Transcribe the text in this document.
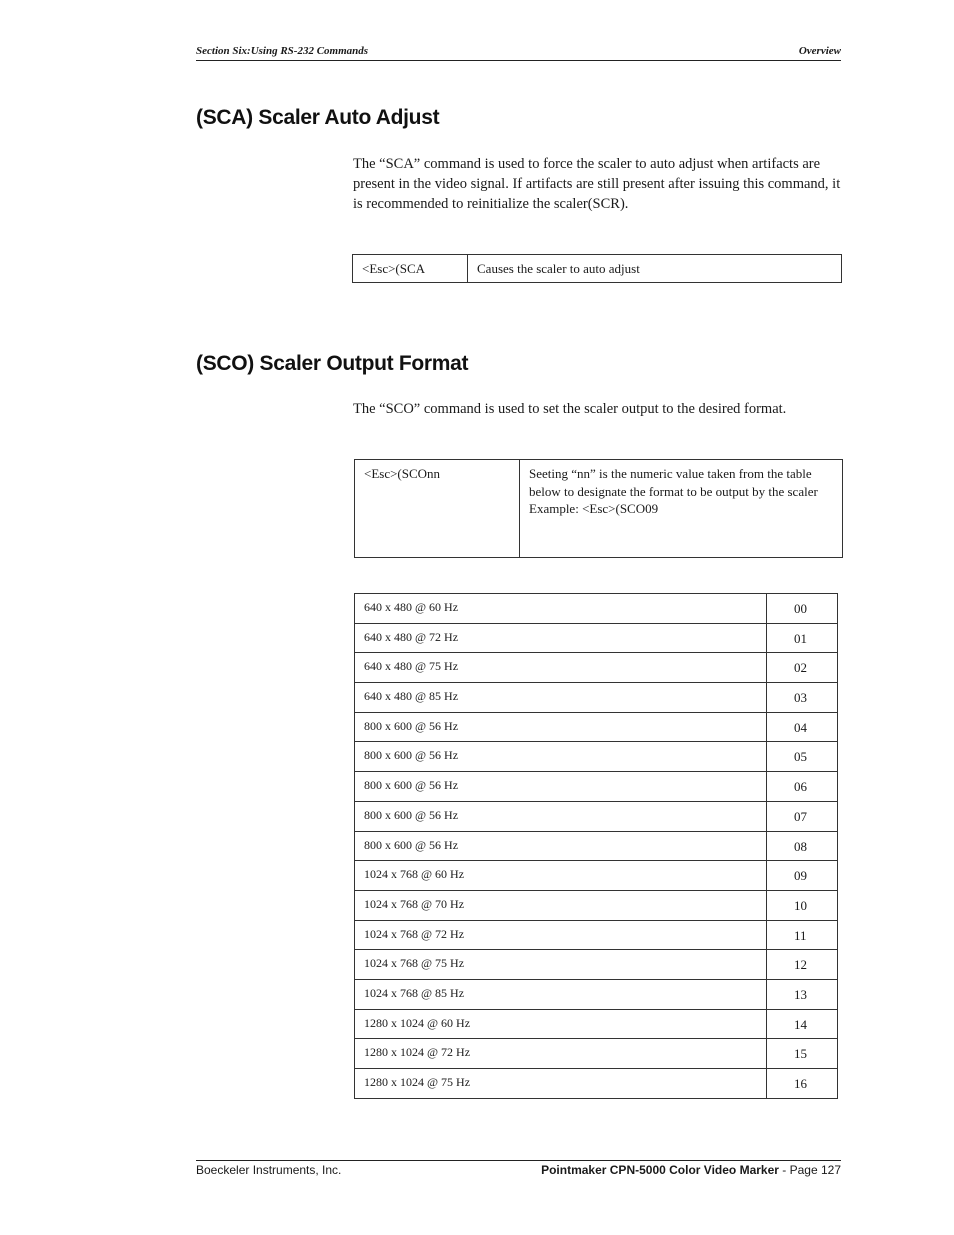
Section Six:Using RS-232 Commands	Overview
(SCA) Scaler Auto Adjust

The “SCA” command is used to force the scaler to auto adjust when artifacts are present in the video signal. If artifacts are still present after issuing this command, it is recommended to reinitialize the scaler(SCR).

<Esc>(SCA	Causes the scaler to auto adjust
(SCO) Scaler Output Format

The “SCO” command is used to set the scaler output to the desired format.

<Esc>(SCOnn	Seeting “nn” is the numeric value taken from the table
below to designate the format to be output by the scaler
Example: <Esc>(SCO09
640 x 480 @ 60 Hz	00
640 x 480 @ 72 Hz	01
640 x 480 @ 75 Hz	02
640 x 480 @ 85 Hz	03
800 x 600 @ 56 Hz	04
800 x 600 @ 56 Hz	05
800 x 600 @ 56 Hz	06
800 x 600 @ 56 Hz	07
800 x 600 @ 56 Hz	08
1024 x 768 @ 60 Hz	09
1024 x 768 @ 70 Hz	10
1024 x 768 @ 72 Hz	11
1024 x 768 @ 75 Hz	12
1024 x 768 @ 85 Hz	13
1280 x 1024 @ 60 Hz	14
1280 x 1024 @ 72 Hz	15
1280 x 1024 @ 75 Hz	16
Boeckeler Instruments, Inc.	Pointmaker CPN-5000 Color Video Marker - Page 127
